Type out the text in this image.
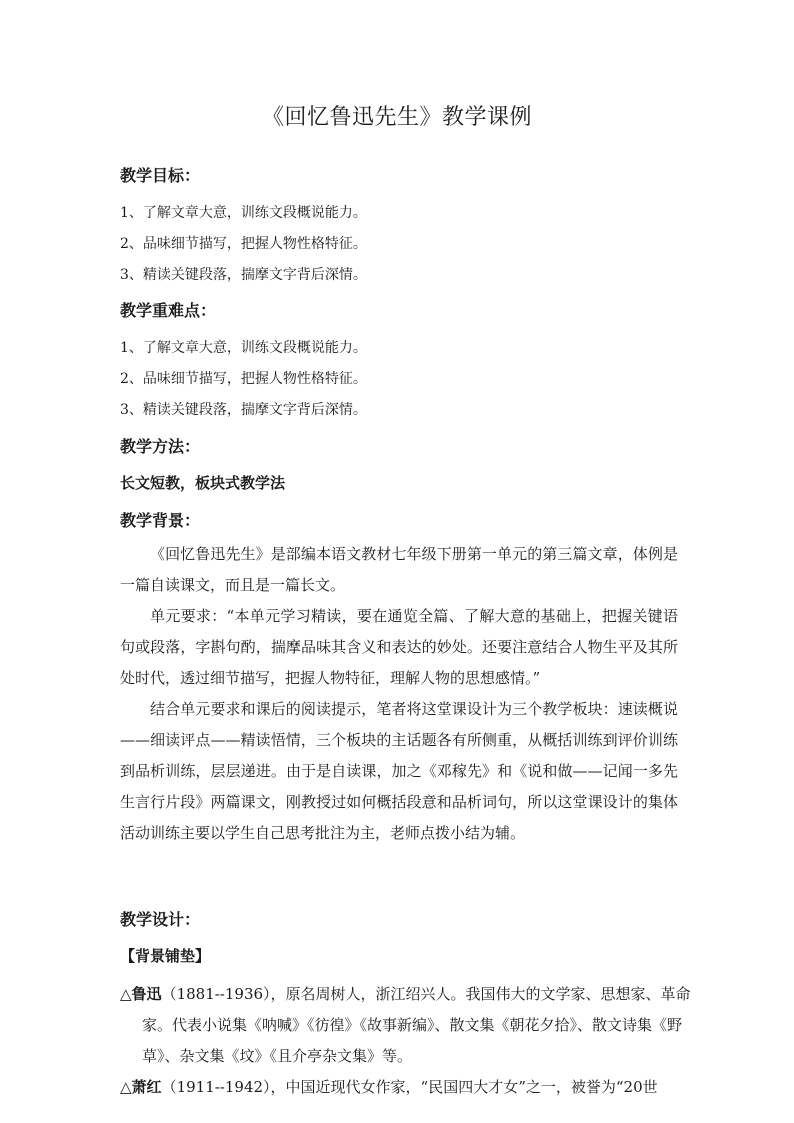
《回忆鲁迅先生》教学课例
教学目标：
1、了解文章大意，训练文段概说能力。
2、品味细节描写，把握人物性格特征。
3、精读关键段落，揣摩文字背后深情。
教学重难点：
1、了解文章大意，训练文段概说能力。
2、品味细节描写，把握人物性格特征。
3、精读关键段落，揣摩文字背后深情。
教学方法：
长文短教，板块式教学法
教学背景：

《回忆鲁迅先生》是部编本语文教材七年级下册第一单元的第三篇文章，体例是一篇自读课文，而且是一篇长文。

单元要求：“本单元学习精读，要在通览全篇、了解大意的基础上，把握关键语句或段落，字斟句酌，揣摩品味其含义和表达的妙处。还要注意结合人物生平及其所处时代，透过细节描写，把握人物特征，理解人物的思想感情。”

结合单元要求和课后的阅读提示，笔者将这堂课设计为三个教学板块：速读概说——细读评点——精读悟情，三个板块的主话题各有所侧重，从概括训练到评价训练到品析训练，层层递进。由于是自读课，加之《邓稼先》和《说和做——记闻一多先生言行片段》两篇课文，刚教授过如何概括段意和品析词句，所以这堂课设计的集体活动训练主要以学生自己思考批注为主，老师点拨小结为辅。

教学设计：
【背景铺垫】

△鲁迅（1881--1936），原名周树人，浙江绍兴人。我国伟大的文学家、思想家、革命家。代表小说集《呐喊》《彷徨》《故事新编》、散文集《朝花夕拾》、散文诗集《野草》、杂文集《坟》《且介亭杂文集》等。

△萧红（1911--1942），中国近现代女作家，“民国四大才女”之一，被誉为“20世
